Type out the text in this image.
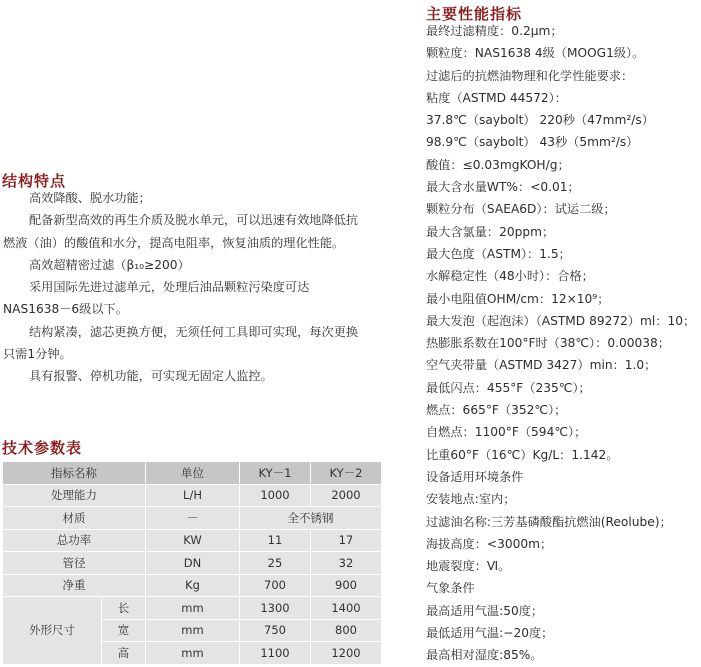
结构特点
高效降酸、脱水功能；
配备新型高效的再生介质及脱水单元，可以迅速有效地降低抗
燃液（油）的酸值和水分，提高电阻率，恢复油质的理化性能。
高效超精密过滤（β₁₀≥200）
采用国际先进过滤单元，处理后油品颗粒污染度可达
NAS1638－6级以下。
结构紧凑，滤芯更换方便，无须任何工具即可实现，每次更换
只需1分钟。
具有报警、停机功能，可实现无固定人监控。
技术参数表
指标名称		单位	KY－1	KY－2
处理能力		L/H	1000	2000
材质		－	全不锈钢	
总功率		KW	11	17
管径		DN	25	32
净重		Kg	700	900
外形尺寸	长	mm	1300	1400
	宽	mm	750	800
	高	mm	1100	1200
主要性能指标
最终过滤精度：0.2μm；
颗粒度：NAS1638 4级（MOOG1级）。
过滤后的抗燃油物理和化学性能要求：
粘度（ASTMD 44572）：
37.8℃（saybolt） 220秒（47mm²/s）
98.9℃（saybolt） 43秒（5mm²/s）
酸值：≤0.03mgKOH/g；
最大含水量WT%：<0.01；
颗粒分布（SAEA6D）：试运二级；
最大含氯量：20ppm；
最大色度（ASTM）：1.5；
水解稳定性（48小时）：合格；
最小电阻值OHM/cm：12×10⁹；
最大发泡（起泡沫）（ASTMD 89272）ml：10；
热膨胀系数在100°F时（38℃）：0.00038；
空气夹带量（ASTMD 3427）min：1.0；
最低闪点：455°F（235℃）；
燃点：665°F（352℃）；
自燃点：1100°F（594℃）；
比重60°F（16℃）Kg/L：1.142。
设备适用环境条件
安装地点:室内；
过滤油名称:三芳基磷酸酯抗燃油(Reolube)；
海拔高度：<3000m；
地震裂度：Ⅵ。
气象条件
最高适用气温:50度；
最低适用气温:−20度；
最高相对湿度:85%。
